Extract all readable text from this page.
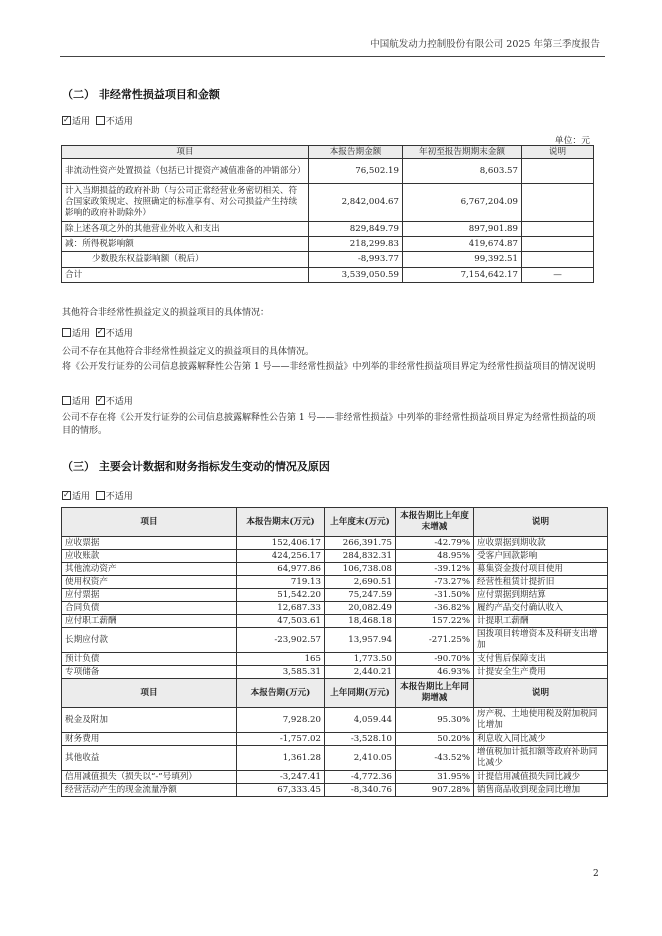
中国航发动力控制股份有限公司 2025 年第三季度报告
（二） 非经常性损益项目和金额
✓适用 不适用
单位：元
项目	本报告期金额	年初至报告期期末金额	说明
非流动性资产处置损益（包括已计提资产减值准备的冲销部分）	76,502.19	8,603.57	
计入当期损益的政府补助（与公司正常经营业务密切相关、符合国家政策规定、按照确定的标准享有、对公司损益产生持续影响的政府补助除外）	2,842,004.67	6,767,204.09	
除上述各项之外的其他营业外收入和支出	829,849.79	897,901.89	
减：所得税影响额	218,299.83	419,674.87	
少数股东权益影响额（税后）	-8,993.77	99,392.51	
合计	3,539,050.59	7,154,642.17	—
其他符合非经常性损益定义的损益项目的具体情况：
适用 ✓ 不适用
公司不存在其他符合非经常性损益定义的损益项目的具体情况。
将《公开发行证券的公司信息披露解释性公告第 1 号——非经常性损益》中列举的非经常性损益项目界定为经常性损益项目的情况说明
适用 ✓ 不适用
公司不存在将《公开发行证券的公司信息披露解释性公告第 1 号——非经常性损益》中列举的非经常性损益项目界定为经常性损益的项目的情形。
（三） 主要会计数据和财务指标发生变动的情况及原因
✓适用 不适用
项目	本报告期末(万元)	上年度末(万元)	本报告期比上年度末增减	说明
应收票据	152,406.17	266,391.75	-42.79%	应收票据到期收款
应收账款	424,256.17	284,832.31	48.95%	受客户回款影响
其他流动资产	64,977.86	106,738.08	-39.12%	募集资金拨付项目使用
使用权资产	719.13	2,690.51	-73.27%	经营性租赁计提折旧
应付票据	51,542.20	75,247.59	-31.50%	应付票据到期结算
合同负债	12,687.33	20,082.49	-36.82%	履约产品交付确认收入
应付职工薪酬	47,503.61	18,468.18	157.22%	计提职工薪酬
长期应付款	-23,902.57	13,957.94	-271.25%	国拨项目转增资本及科研支出增加
预计负债	165	1,773.50	-90.70%	支付售后保障支出
专项储备	3,585.31	2,440.21	46.93%	计提安全生产费用
项目	本报告期(万元)	上年同期(万元)	本报告期比上年同期增减	说明
税金及附加	7,928.20	4,059.44	95.30%	房产税、土地使用税及附加税同比增加
财务费用	-1,757.02	-3,528.10	50.20%	利息收入同比减少
其他收益	1,361.28	2,410.05	-43.52%	增值税加计抵扣额等政府补助同比减少
信用减值损失（损失以“-”号填列）	-3,247.41	-4,772.36	31.95%	计提信用减值损失同比减少
经营活动产生的现金流量净额	67,333.45	-8,340.76	907.28%	销售商品收到现金同比增加
2
